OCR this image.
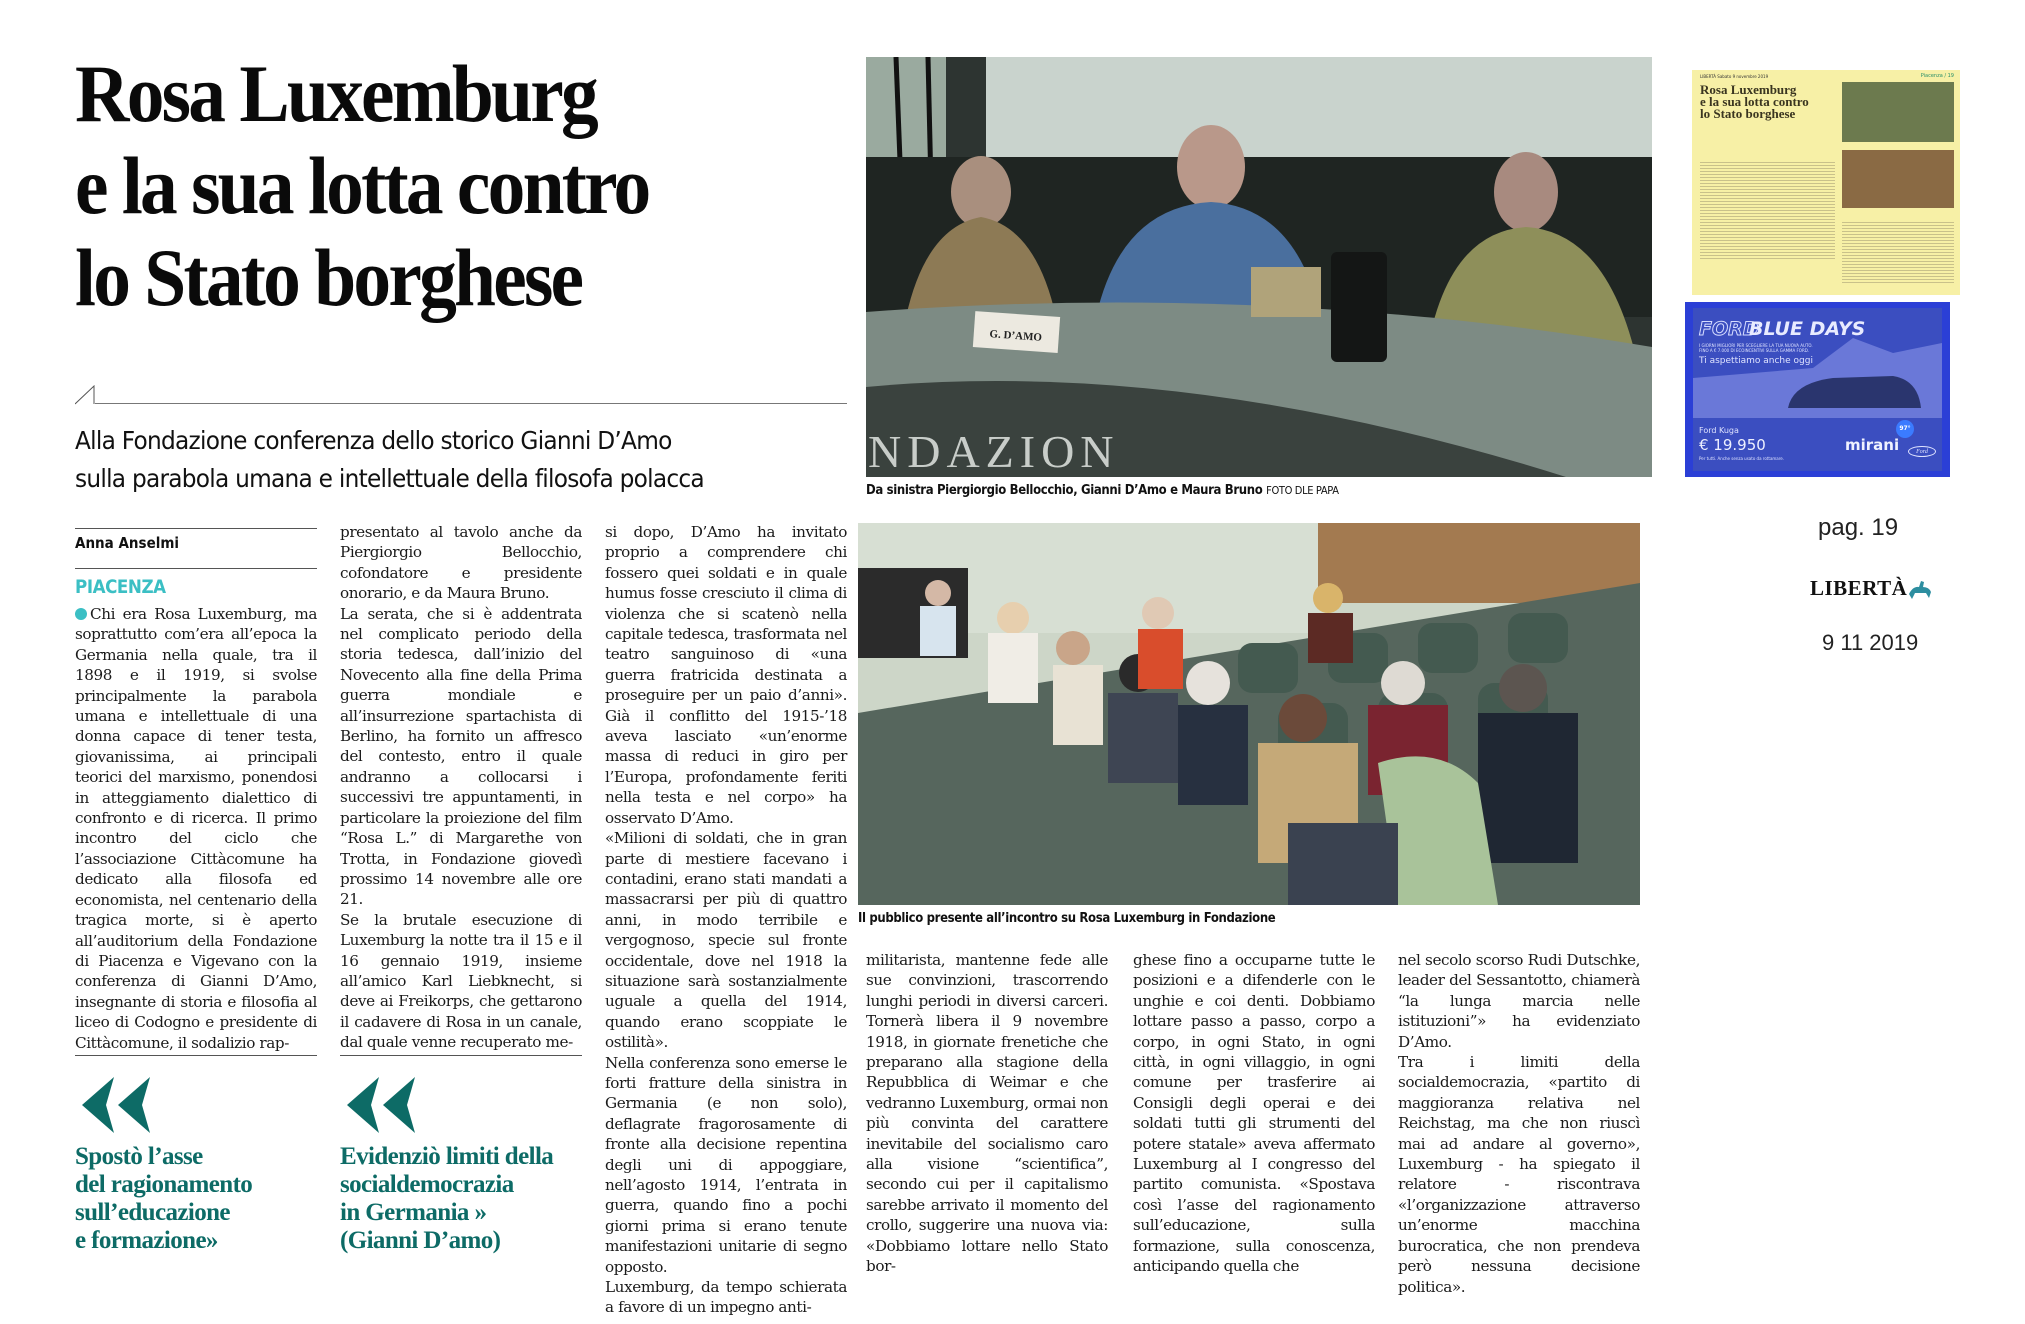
Rosa Luxemburg
e la sua lotta contro
lo Stato borghese
Alla Fondazione conferenza dello storico Gianni D’Amo
sulla parabola umana e intellettuale della filosofa polacca
Anna Anselmi
PIACENZA

Chi era Rosa Luxemburg, ma soprattutto com’era all’epoca la Germania nella quale, tra il 1898 e il 1919, si svolse principalmente la parabola umana e intellettuale di una donna capace di tener testa, giovanissima, ai principali teorici del marxismo, ponendosi in atteggiamento dialettico di confronto e di ricerca. Il primo incontro del ciclo che l’associazione Cittàcomune ha dedicato alla filosofa ed economista, nel centenario della tragica morte, si è aperto all’auditorium della Fondazione di Piacenza e Vigevano con la conferenza di Gianni D’Amo, insegnante di storia e filosofia al liceo di Codogno e presidente di Cittàcomune, il sodalizio rap-

presentato al tavolo anche da Piergiorgio Bellocchio, cofondatore e presidente onorario, e da Maura Bruno.

La serata, che si è addentrata nel complicato periodo della storia tedesca, dall’inizio del Novecento alla fine della Prima guerra mondiale e all’insurrezione spartachista di Berlino, ha fornito un affresco del contesto, entro il quale andranno a collocarsi i successivi tre appuntamenti, in particolare la proiezione del film “Rosa L.” di Margarethe von Trotta, in Fondazione giovedì prossimo 14 novembre alle ore 21.

Se la brutale esecuzione di Luxemburg la notte tra il 15 e il 16 gennaio 1919, insieme all’amico Karl Liebknecht, si deve ai Freikorps, che gettarono il cadavere di Rosa in un canale, dal quale venne recuperato me-

si dopo, D’Amo ha invitato proprio a comprendere chi fossero quei soldati e in quale humus fosse cresciuto il clima di violenza che si scatenò nella capitale tedesca, trasformata nel teatro sanguinoso di «una guerra fratricida destinata a proseguire per un paio d’anni». Già il conflitto del 1915-’18 aveva lasciato «un’enorme massa di reduci in giro per l’Europa, profondamente feriti nella testa e nel corpo» ha osservato D’Amo.

«Milioni di soldati, che in gran parte di mestiere facevano i contadini, erano stati mandati a massacrarsi per più di quattro anni, in modo terribile e vergognoso, specie sul fronte occidentale, dove nel 1918 la situazione sarà sostanzialmente uguale a quella del 1914, quando erano scoppiate le ostilità».

Nella conferenza sono emerse le forti fratture della sinistra in Germania (e non solo), deflagrate fragorosamente di fronte alla decisione repentina degli uni di appoggiare, nell’agosto 1914, l’entrata in guerra, quando fino a pochi giorni prima si erano tenute manifestazioni unitarie di segno opposto.

Luxemburg, da tempo schierata a favore di un impegno anti-

Spostò l’asse
del ragionamento
sull’educazione
e formazione»
Evidenziò limiti della
socialdemocrazia
in Germania »
(Gianni D’amo)
G. D’AMO
NDAZION
Da sinistra Piergiorgio Bellocchio, Gianni D’Amo e Maura Bruno FOTO DLE PAPA
Il pubblico presente all’incontro su Rosa Luxemburg in Fondazione

militarista, mantenne fede alle sue convinzioni, trascorrendo lunghi periodi in diversi carceri. Tornerà libera il 9 novembre 1918, in giornate frenetiche che preparano alla stagione della Repubblica di Weimar e che vedranno Luxemburg, ormai non più convinta del carattere inevitabile del socialismo caro alla visione “scientifica”, secondo cui per il capitalismo sarebbe arrivato il momento del crollo, suggerire una nuova via: «Dobbiamo lottare nello Stato bor-

ghese fino a occuparne tutte le posizioni e a difenderle con le unghie e coi denti. Dobbiamo lottare passo a passo, corpo a corpo, in ogni Stato, in ogni città, in ogni villaggio, in ogni comune per trasferire ai Consigli degli operai e dei soldati tutti gli strumenti del potere statale» aveva affermato Luxemburg al I congresso del partito comunista. «Spostava così l’asse del ragionamento sull’educazione, sulla formazione, sulla conoscenza, anticipando quella che

nel secolo scorso Rudi Dutschke, leader del Sessantotto, chiamerà “la lunga marcia nelle istituzioni”» ha evidenziato D’Amo.

Tra i limiti della socialdemocrazia, «partito di maggioranza relativa nel Reichstag, ma che non riuscì mai ad andare al governo», Luxemburg - ha spiegato il relatore - riscontrava «l’organizzazione attraverso un’enorme macchina burocratica, che non prendeva però nessuna decisione politica».

LIBERTÀ Sabato 9 novembre 2019	Piacenza / 19
Rosa Luxemburg
e la sua lotta contro
lo Stato borghese
FORD
BLUE DAYS
I GIORNI MIGLIORI PER SCEGLIERE LA TUA NUOVA AUTO.
FINO A € 7.000 DI ECOINCENTIVI SULLA GAMMA FORD.
Ti aspettiamo anche oggi
Ford Kuga
€ 19.950
Per tutti. Anche senza usato da rottamare.
97°
mirani	Ford
pag. 19
LIBERTÀ
9 11 2019
